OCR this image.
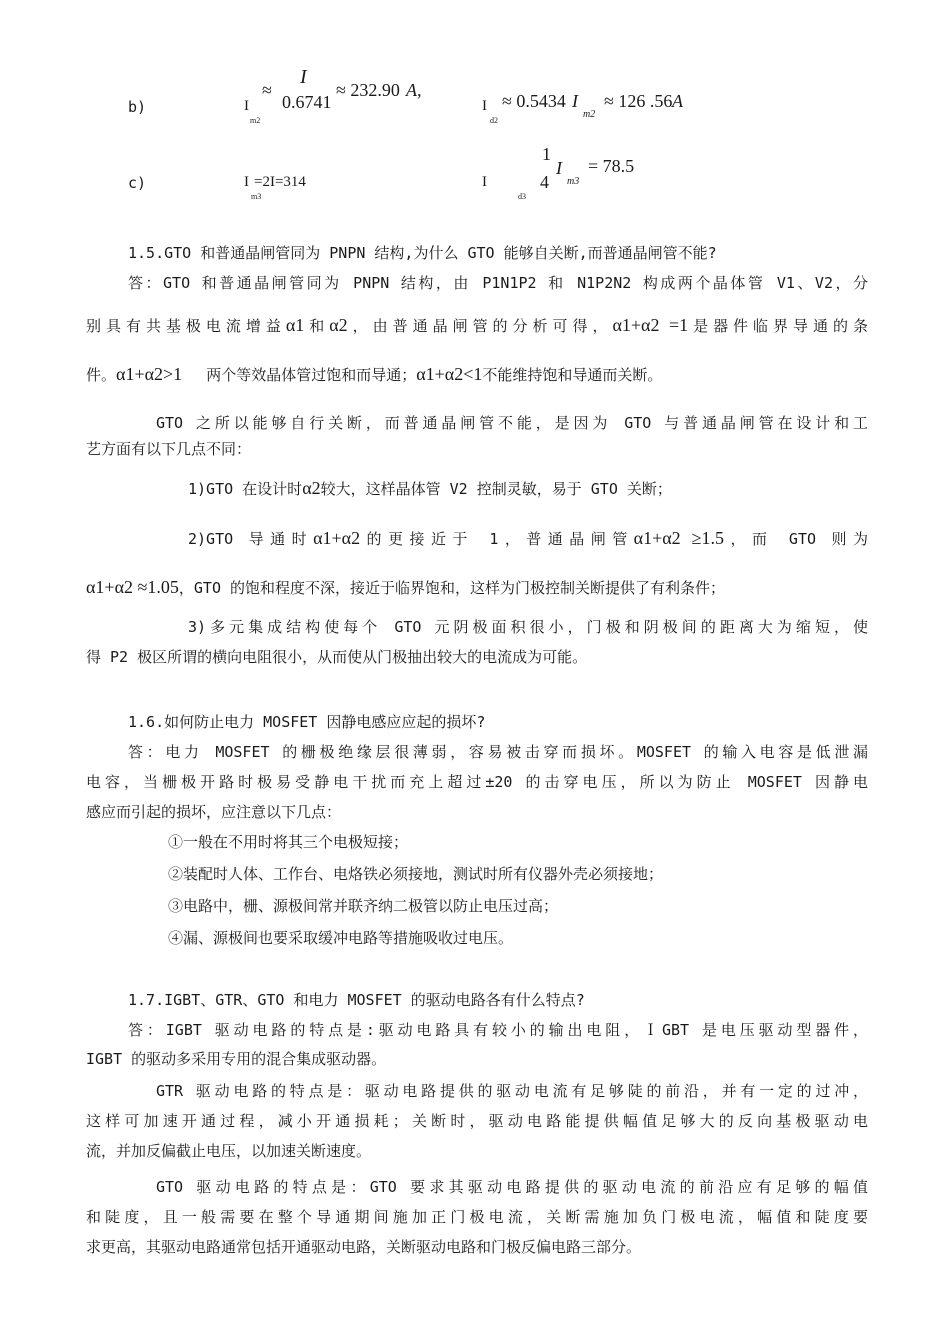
b)
I
≈
I
m2
0.6741
≈ 232.90 A,
I
d2
≈ 0.5434 I
m2
≈ 126 .56 A
c)	I
m3
=2I=314	I
d3
1
4
I
m3
= 78.5
1.5.GTO 和普通晶闸管同为 PNPN 结构,为什么 GTO 能够自关断,而普通晶闸管不能?
答：GTO 和普通晶闸管同为 PNPN 结构，由 P1N1P2 和 N1P2N2 构成两个晶体管 V1、V2，分
别具有共基极电流增益α1和α2，由普通晶闸管的分析可得，α1+α2 =1是器件临界导通的条
件。α1+α2>1 两个等效晶体管过饱和而导通；α1+α2<1不能维持饱和导通而关断。
GTO 之所以能够自行关断，而普通晶闸管不能，是因为 GTO 与普通晶闸管在设计和工
艺方面有以下几点不同：
1)GTO 在设计时α2较大，这样晶体管 V2 控制灵敏，易于 GTO 关断；
2)GTO 导通时α1+α2的更接近于 1，普通晶闸管α1+α2 ≥1.5，而 GTO 则为
α1+α2 ≈1.05，GTO 的饱和程度不深，接近于临界饱和，这样为门极控制关断提供了有利条件；
3)多元集成结构使每个 GTO 元阴极面积很小，门极和阴极间的距离大为缩短，使
得 P2 极区所谓的横向电阻很小，从而使从门极抽出较大的电流成为可能。
1.6.如何防止电力 MOSFET 因静电感应应起的损坏?
答：电力 MOSFET 的栅极绝缘层很薄弱，容易被击穿而损坏。MOSFET 的输入电容是低泄漏
电容，当栅极开路时极易受静电干扰而充上超过±20 的击穿电压，所以为防止 MOSFET 因静电
感应而引起的损坏，应注意以下几点：
①一般在不用时将其三个电极短接；
②装配时人体、工作台、电烙铁必须接地，测试时所有仪器外壳必须接地；
③电路中，栅、源极间常并联齐纳二极管以防止电压过高；
④漏、源极间也要采取缓冲电路等措施吸收过电压。
1.7.IGBT、GTR、GTO 和电力 MOSFET 的驱动电路各有什么特点?
答：IGBT 驱动电路的特点是:驱动电路具有较小的输出电阻，ＩGBT 是电压驱动型器件，
IGBT 的驱动多采用专用的混合集成驱动器。
GTR 驱动电路的特点是：驱动电路提供的驱动电流有足够陡的前沿，并有一定的过冲，
这样可加速开通过程，减小开通损耗；关断时，驱动电路能提供幅值足够大的反向基极驱动电
流，并加反偏截止电压，以加速关断速度。
GTO 驱动电路的特点是：GTO 要求其驱动电路提供的驱动电流的前沿应有足够的幅值
和陡度，且一般需要在整个导通期间施加正门极电流，关断需施加负门极电流，幅值和陡度要
求更高，其驱动电路通常包括开通驱动电路，关断驱动电路和门极反偏电路三部分。
